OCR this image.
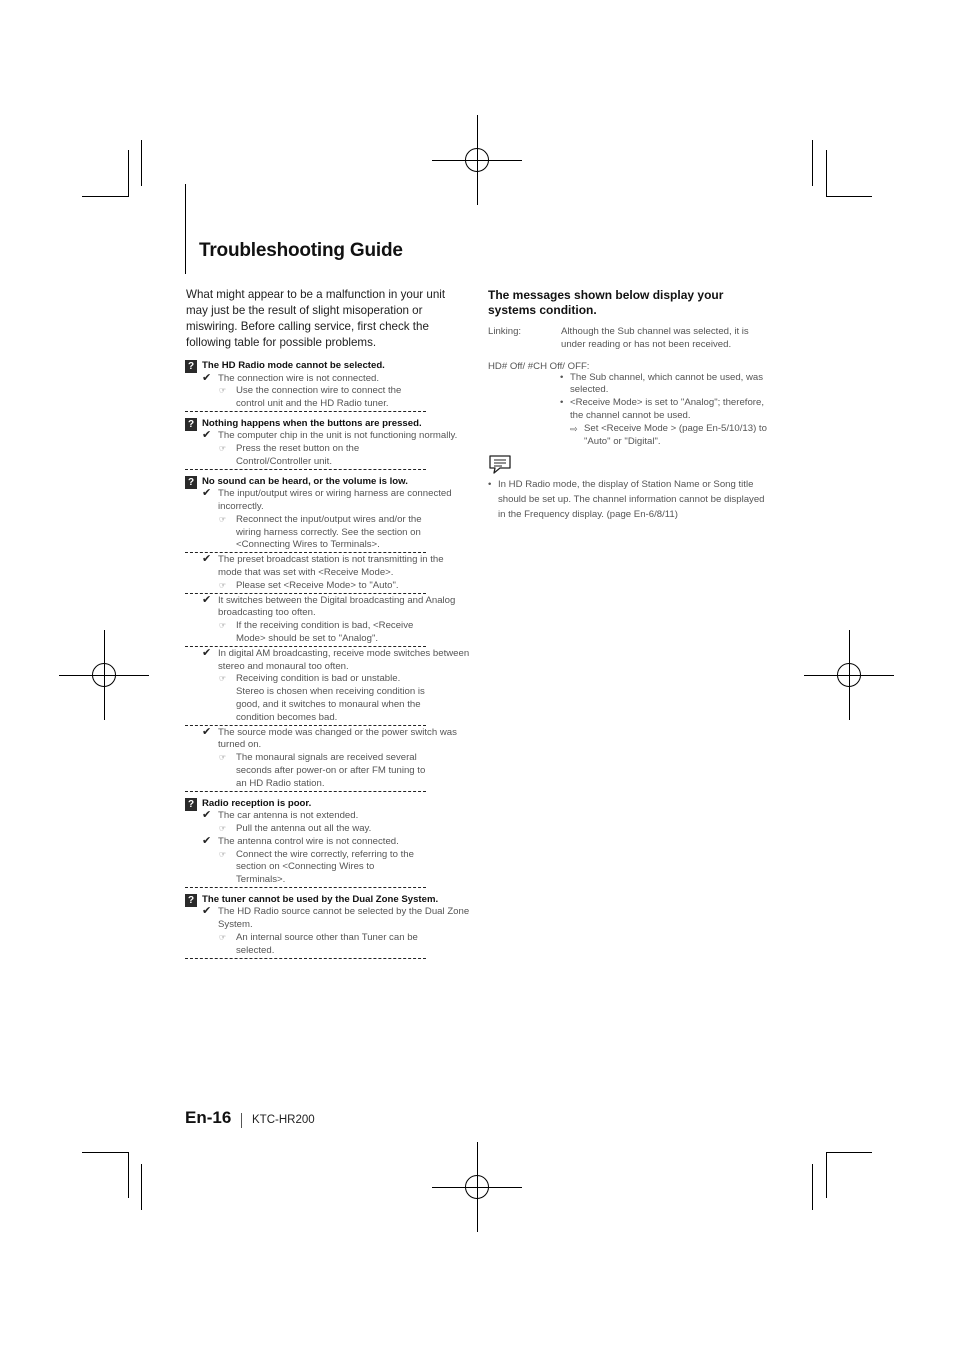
Troubleshooting Guide
What might appear to be a malfunction in your unit may just be the result of slight misoperation or miswiring. Before calling service, first check the following table for possible problems.
? The HD Radio mode cannot be selected.
✔ The connection wire is not connected.
☞ Use the connection wire to connect the control unit and the HD Radio tuner.
? Nothing happens when the buttons are pressed.
✔ The computer chip in the unit is not functioning normally.
☞ Press the reset button on the Control/Controller unit.
? No sound can be heard, or the volume is low.
✔ The input/output wires or wiring harness are connected incorrectly.
☞ Reconnect the input/output wires and/or the wiring harness correctly. See the section on <Connecting Wires to Terminals>.
✔ The preset broadcast station is not transmitting in the mode that was set with <Receive Mode>.
☞ Please set <Receive Mode> to "Auto".
✔ It switches between the Digital broadcasting and Analog broadcasting too often.
☞ If the receiving condition is bad, <Receive Mode> should be set to "Analog".
✔ In digital AM broadcasting, receive mode switches between stereo and monaural too often.
☞ Receiving condition is bad or unstable. Stereo is chosen when receiving condition is good, and it switches to monaural when the condition becomes bad.
✔ The source mode was changed or the power switch was turned on.
☞ The monaural signals are received several seconds after power-on or after FM tuning to an HD Radio station.
? Radio reception is poor.
✔ The car antenna is not extended.
☞ Pull the antenna out all the way.
✔ The antenna control wire is not connected.
☞ Connect the wire correctly, referring to the section on <Connecting Wires to Terminals>.
? The tuner cannot be used by the Dual Zone System.
✔ The HD Radio source cannot be selected by the Dual Zone System.
☞ An internal source other than Tuner can be selected.
The messages shown below display your systems condition.
Linking:	Although the Sub channel was selected, it is under reading or has not been received.
HD# Off/ #CH Off/ OFF:
• The Sub channel, which cannot be used, was selected.
• <Receive Mode> is set to "Analog"; therefore, the channel cannot be used.
⇨ Set <Receive Mode > (page En-5/10/13) to "Auto" or "Digital".
• In HD Radio mode, the display of Station Name or Song title should be set up. The channel information cannot be displayed in the Frequency display. (page En-6/8/11)
En-16 KTC-HR200
